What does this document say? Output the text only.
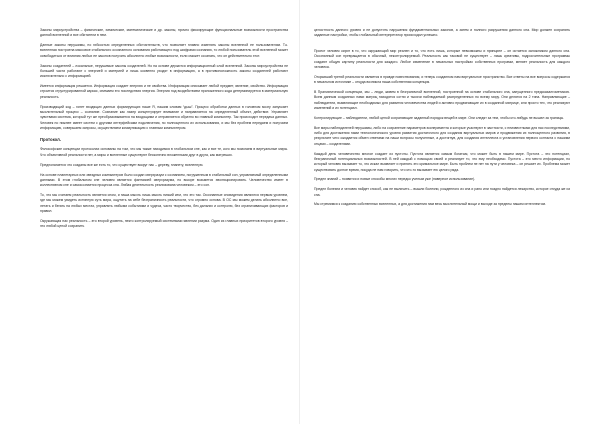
Законы мироустройства – физические, химические, математические и др. законы, прочно фиксирующие функциональные возможности пространства данной вселенной и все обитатели в нем.

Данные законы нерушимы, но гибкостью определенных обстоятельств, что позволяет плавно изменять законы вселенной ее пользователям. Т.к. вселенная построена массовое стабильного осознанного основания работающего под шифрами сознанию, то любой пользователь этой вселенной может освободиться от влияния любых ее законов получить абсолютно любые возможности, если сможет осознать, что он действительно этот.

Законы создателей – локальные, нерушимые законы создателей. Но на основе держится информационный слой вселенной. Законы мироустройства не большей части работают с энергией и материей и лишь косвенно уходят в информацию, а в противоположность законы создателей работают исключительно с информацией.

Имеется информация решается. Информация создает энергию и не свойства. Информация описывает любой предмет, явление, свойство. Информация строится структурированной каркас, снимаем его последствия энергия. Энергия под воздействием приложенного кода детерминируется в материальную реальность.

Производящий код – гонет входящих данных формирующих наше Я, нашим словам “дыш”. Процесс обработки данных в головном мозгу запускает мыслительный процесс – сознание. Сознание как лазер концентрирует внимание и направляется на определенный объект, действие. Управляет чувствами система, который тут же преобразовывается на входящими и отправляется обратно во главный компьютер. Так происходит передача данных. Человек по нижнее имеет систем с другими интерфейсами подключения, но полноценного их использования, и мы без проблем передаем и получаем информацию, совершаем запросы, осуществляем коммуникацию с главным компьютером.

Протокол.

Философские концепции протоколах основаны на том, что мы также находимся в глобальном сне, как и все те, кого мы помогаем в виртуальные миры. Что объективной реальности нет, а миры и вселенные существуют бесконечно вложенными друг в друга, как матрешки.

Предполагается что созданы все же есть то, что существует вокруг нас – дереву, планету, вселенную.

На основе планетарных или звездных компьютеров было создан сверхразум с сознанием, погруженным в стабильный сон, управляемый определенными данными. В этом глобальном сне человек является фантазией сверхразума, но вскоре возьмется эволюционировать. Человечество имеет в коллективном сне и самосознается процесса сна. Любая деятельность реализована человеком – это сон.

То, что мы считаем реальность является сном, и наша мысль лишь мысль низкий кем, что это так. Осознанные сновидения являются первым уровнем, где мы можем увидеть истинную суть мира, ощутить на себе безграничность реальности, что огромно основа. В ОС мы можем делать абсолютно все, летать и бегать на любых местах, управлять любыми событиями и чудеса, часто творчество, без дальних и контролю, без ограничивающих факторов и правил.

Окружающая нас реальность – это второй уровень, некто контролируемый системными явлении разума. Один из главных приоритетов второго уровня – это любой ценой сохранить

целостность данного уровня и не допустить нарушения фундаментальных законов, а затем и полного разрушения данного сна. Мир должен сохранять заданные настройки, чтобы глобальный интерпретатор происходил успешно.

Проект человек кирит в то, что окружающий мир реален и то, что есть лишь, которые невозможны и принципе – он остается заложником данного сна. Осознанный сон превращается в обычный, неконтролируемый. Реальность как таковой не существует – лишь креативы, подросчительные программы создают общую картину реальности для каждого. Любое изменение в начальных настройках собственных программ, меняет реальность для каждого человека.

Открывший третий реальности является в правде повествования, и теперь созданном нам виртуальное пространство. Все ответы на все вопросы содержатся в начальном источнике – откуда возникла наша собственная концепция.

В Прагматической концепции, мы – люди, живем в безграничной вселенной, построенной на основе стабильного сна, запущенного предсказалгометикою. Всем данным созданных нами матриц находятся сотни и тысячи наблюдаемой распределенных по всему миру. Они делятся на 2 типа. Направляющие – наблюдатели, выявляющие необходимых для развития человечества людей и активно продвигающие их в созданной матрице, или просто тех, что реализуют изменений и их потенциал.

Контролирующие – наблюдатели, любой ценой сохраняющие заданный порядок вещей в мире. Они следят за тем, чтобы кто-нибудь не вышел за границы.

Все миры наблюдателей нерушимы, либо на сохранение параметров эксперимента и которые участвуют в частности, с неизвестными для нас последствиями, либо для достижения нами технологического уровня развития достаточного для создания виртуальных миров и продвижения их полноценного развития, в результате чего ожидается обмен ответами на наши вопросы полученные, а достигнув, для создания интеллекта и установления первого контакта с нашими отцами – создателями.

Каждый день человечество многое создает из пустоты. Пустота является самым богатым, что может быть в нашем мире. Пустота – это потенциал, безграничный потенциальных возможностей. В ней каждый с помощью своей и реализует то, что ему необходимо. Пустота – это место информации, но который человек вызывает то, что искал выявляет и принять это кримальное мире. Быть проблем не нет на пути у человека – он решает их. Проблема может существовать долгое время, покуда не нам говорить, что кто-то вызывает ею целого ряда.

Предел знаний – появится и новые способы многих нередко ученым уже (наверное использование).

Предел болезни и человек найдет способ, как не выличить – вышли болезни, рожденного из сна и рано или поздно найдется лекарство, которое отсуда же из сна.

Мы стремимся к созданию собственных вселенных, а для достижения нам весь мыслительный мощи и выходе за пределы нашим интеллектом.
